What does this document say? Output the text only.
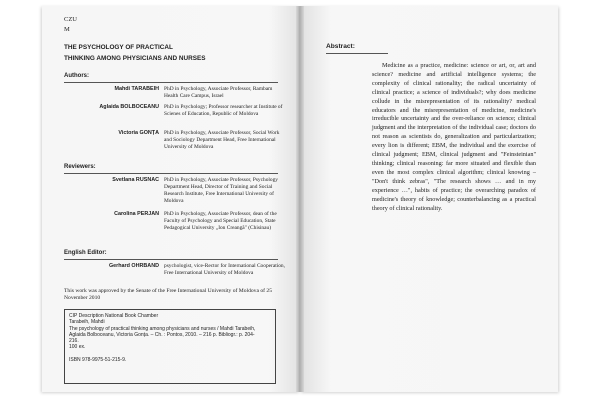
CZU
M
THE PSYCHOLOGY OF PRACTICAL
THINKING AMONG PHYSICIANS AND NURSES
Authors:
Mahdi TARABEIH PhD in Psychology, Associate Professor, Rambam Health Care Campus, Israel
Aglaida BOLBOCEANU PhD in Psychology; Professor researcher at Institute of Scienes of Education, Republic of Moldova
Victoria GONȚA PhD in Psychology, Associate Professor, Social Work and Sociology Department Head, Free International University of Moldova
Reviewers:
Svetlana RUSNAC PhD in Psychology, Associate Professor, Psychology Department Head, Director of Training and Social Research Institute, Free International University of Moldova
Carolina PERJAN PhD in Psychology, Associate Professor, dean of the Faculty of Psychology and Special Education, State Pedagogical University „Ion Creangă" (Chisinau)
English Editor:
Gerhard OHRBAND psychologist, vice-Rector for International Cooperation, Free International University of Moldova
This work was approved by the Senate of the Free International University of Moldova of 25 November 2010
CIP Description National Book Chamber
Tarabeih, Mahdi
The psychology of practical thinking among physicians and nurses / Mahdi Tarabeih,
Aglaida Bolboceanu, Victoria Gonța. – Ch. : Pontos, 2010. – 216 p. Bibliogr.: p. 204-
216.
100 ex.

ISBN 978-9975-51-215-9.
Abstract:

Medicine as a practice, medicine: science or art, or, art and science? medicine and artificial intelligence systems; the complexity of clinical rationality; the radical uncertainty of clinical practice; a science of individuals?; why does medicine collude in the misrepresentation of its rationality? medical educators and the misrepresentation of medicine, medicine's irreducible uncertainty and the over-reliance on science; clinical judgment and the interpretation of the individual case; doctors do not reason as scientists do, generalization and particularization; every lion is different; EBM, the individual and the exercise of clinical judgment; EBM, clinical judgment and "Feinsteinian" thinking; clinical reasoning: far more situated and flexible than even the most complex clinical algorithm; clinical knowing – "Don't think zebras", "The research shows … and in my experience …", habits of practice; the overarching paradox of medicine's theory of knowledge; counterbalancing as a practical theory of clinical rationality.
